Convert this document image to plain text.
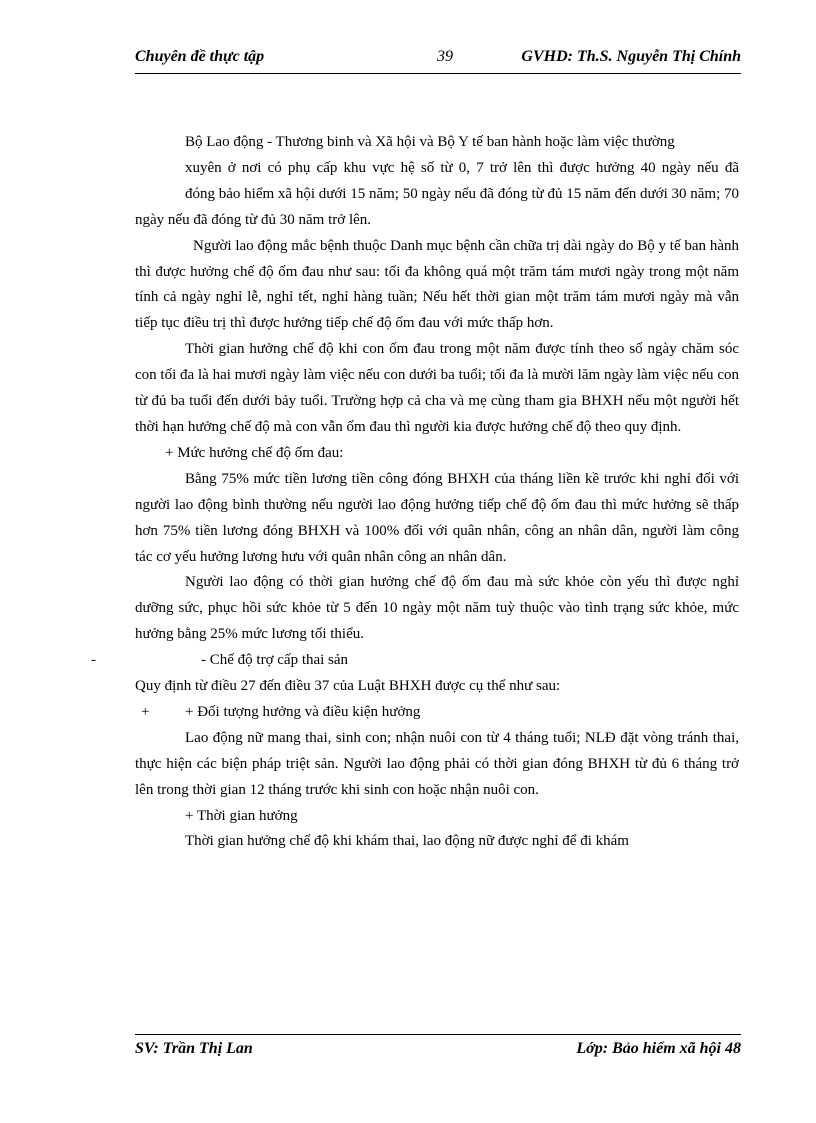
Chuyên đề thực tập	39	GVHD: Th.S. Nguyễn Thị Chính

Bộ Lao động - Thương binh và Xã hội và Bộ Y tế ban hành hoặc làm việc thường

xuyên ở nơi có phụ cấp khu vực hệ số từ 0, 7 trở lên thì được hưởng 40 ngày nếu đã

đóng bảo hiểm xã hội dưới 15 năm; 50 ngày nếu đã đóng từ đủ 15 năm đến dưới 30 năm; 70 ngày nếu đã đóng từ đủ 30 năm trở lên.

Người lao động mắc bệnh thuộc Danh mục bệnh cần chữa trị dài ngày do Bộ y tế ban hành thì được hưởng chế độ ốm đau như sau: tối đa không quá một trăm tám mươi ngày trong một năm tính cả ngày nghỉ lễ, nghỉ tết, nghỉ hàng tuần; Nếu hết thời gian một trăm tám mươi ngày mà vẫn tiếp tục điều trị thì được hưởng tiếp chế độ ốm đau với mức thấp hơn.

Thời gian hưởng chế độ khi con ốm đau trong một năm được tính theo số ngày chăm sóc con tối đa là hai mươi ngày làm việc nếu con dưới ba tuổi; tối đa là mười lăm ngày làm việc nếu con từ đủ ba tuổi đến dưới bảy tuổi. Trường hợp cả cha và mẹ cùng tham gia BHXH nếu một người hết thời hạn hưởng chế độ mà con vẫn ốm đau thì người kia được hưởng chế độ theo quy định.

+ Mức hưởng chế độ ốm đau:

Bằng 75% mức tiền lương tiền công đóng BHXH của tháng liền kề trước khi nghỉ đối với người lao động bình thường nếu người lao động hưởng tiếp chế độ ốm đau thì mức hưởng sẽ thấp hơn 75% tiền lương đóng BHXH và 100% đối với quân nhân, công an nhân dân, người làm công tác cơ yếu hưởng lương hưu với quân nhân công an nhân dân.

Người lao động có thời gian hưởng chế độ ốm đau mà sức khỏe còn yếu thì được nghỉ dưỡng sức, phục hồi sức khỏe từ 5 đến 10 ngày một năm tuỳ thuộc vào tình trạng sức khỏe, mức hưởng bằng 25% mức lương tối thiểu.

-	- Chế độ trợ cấp thai sản

Quy định từ điều 27 đến điều 37 của Luật BHXH được cụ thể như sau:

+ + Đối tượng hưởng và điều kiện hưởng

Lao động nữ mang thai, sinh con; nhận nuôi con từ 4 tháng tuổi; NLĐ đặt vòng tránh thai, thực hiện các biện pháp triệt sản. Người lao động phải có thời gian đóng BHXH từ đủ 6 tháng trở lên trong thời gian 12 tháng trước khi sinh con hoặc nhận nuôi con.

+ Thời gian hưởng

Thời gian hưởng chế độ khi khám thai, lao động nữ được nghỉ để đi khám

SV: Trần Thị Lan	Lớp: Bảo hiểm xã hội 48
